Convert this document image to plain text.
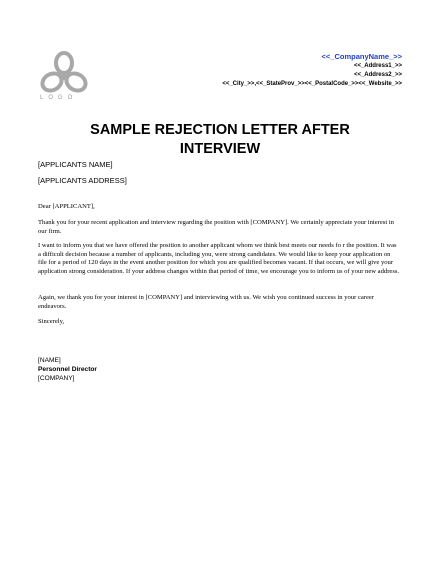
LOGO
<<_CompanyName_>>
<<_Address1_>>
<<_Address2_>>
<<_City_>>,<<_StateProv_>><<_PostalCode_>><<_Website_>>
SAMPLE REJECTION LETTER AFTER
INTERVIEW
[APPLICANTS NAME]
[APPLICANTS ADDRESS]

Dear [APPLICANT],

Thank you for your recent application and interview regarding the position with [COMPANY]. We certainly appreciate your interest in our firm.

I want to inform you that we have offered the position to another applicant whom we think best meets our needs fo r the position. It was a difficult decision because a number of applicants, including you, were strong candidates. We would like to keep your application on file for a period of 120 days in the event another position for which you are qualified becomes vacant. If that occurs, we will give your application strong consideration. If your address changes within that period of time, we encourage you to inform us of your new address.

Again, we thank you for your interest in [COMPANY] and interviewing with us. We wish you continued success in your career endeavors.

Sincerely,

[NAME]
Personnel Director
[COMPANY]
